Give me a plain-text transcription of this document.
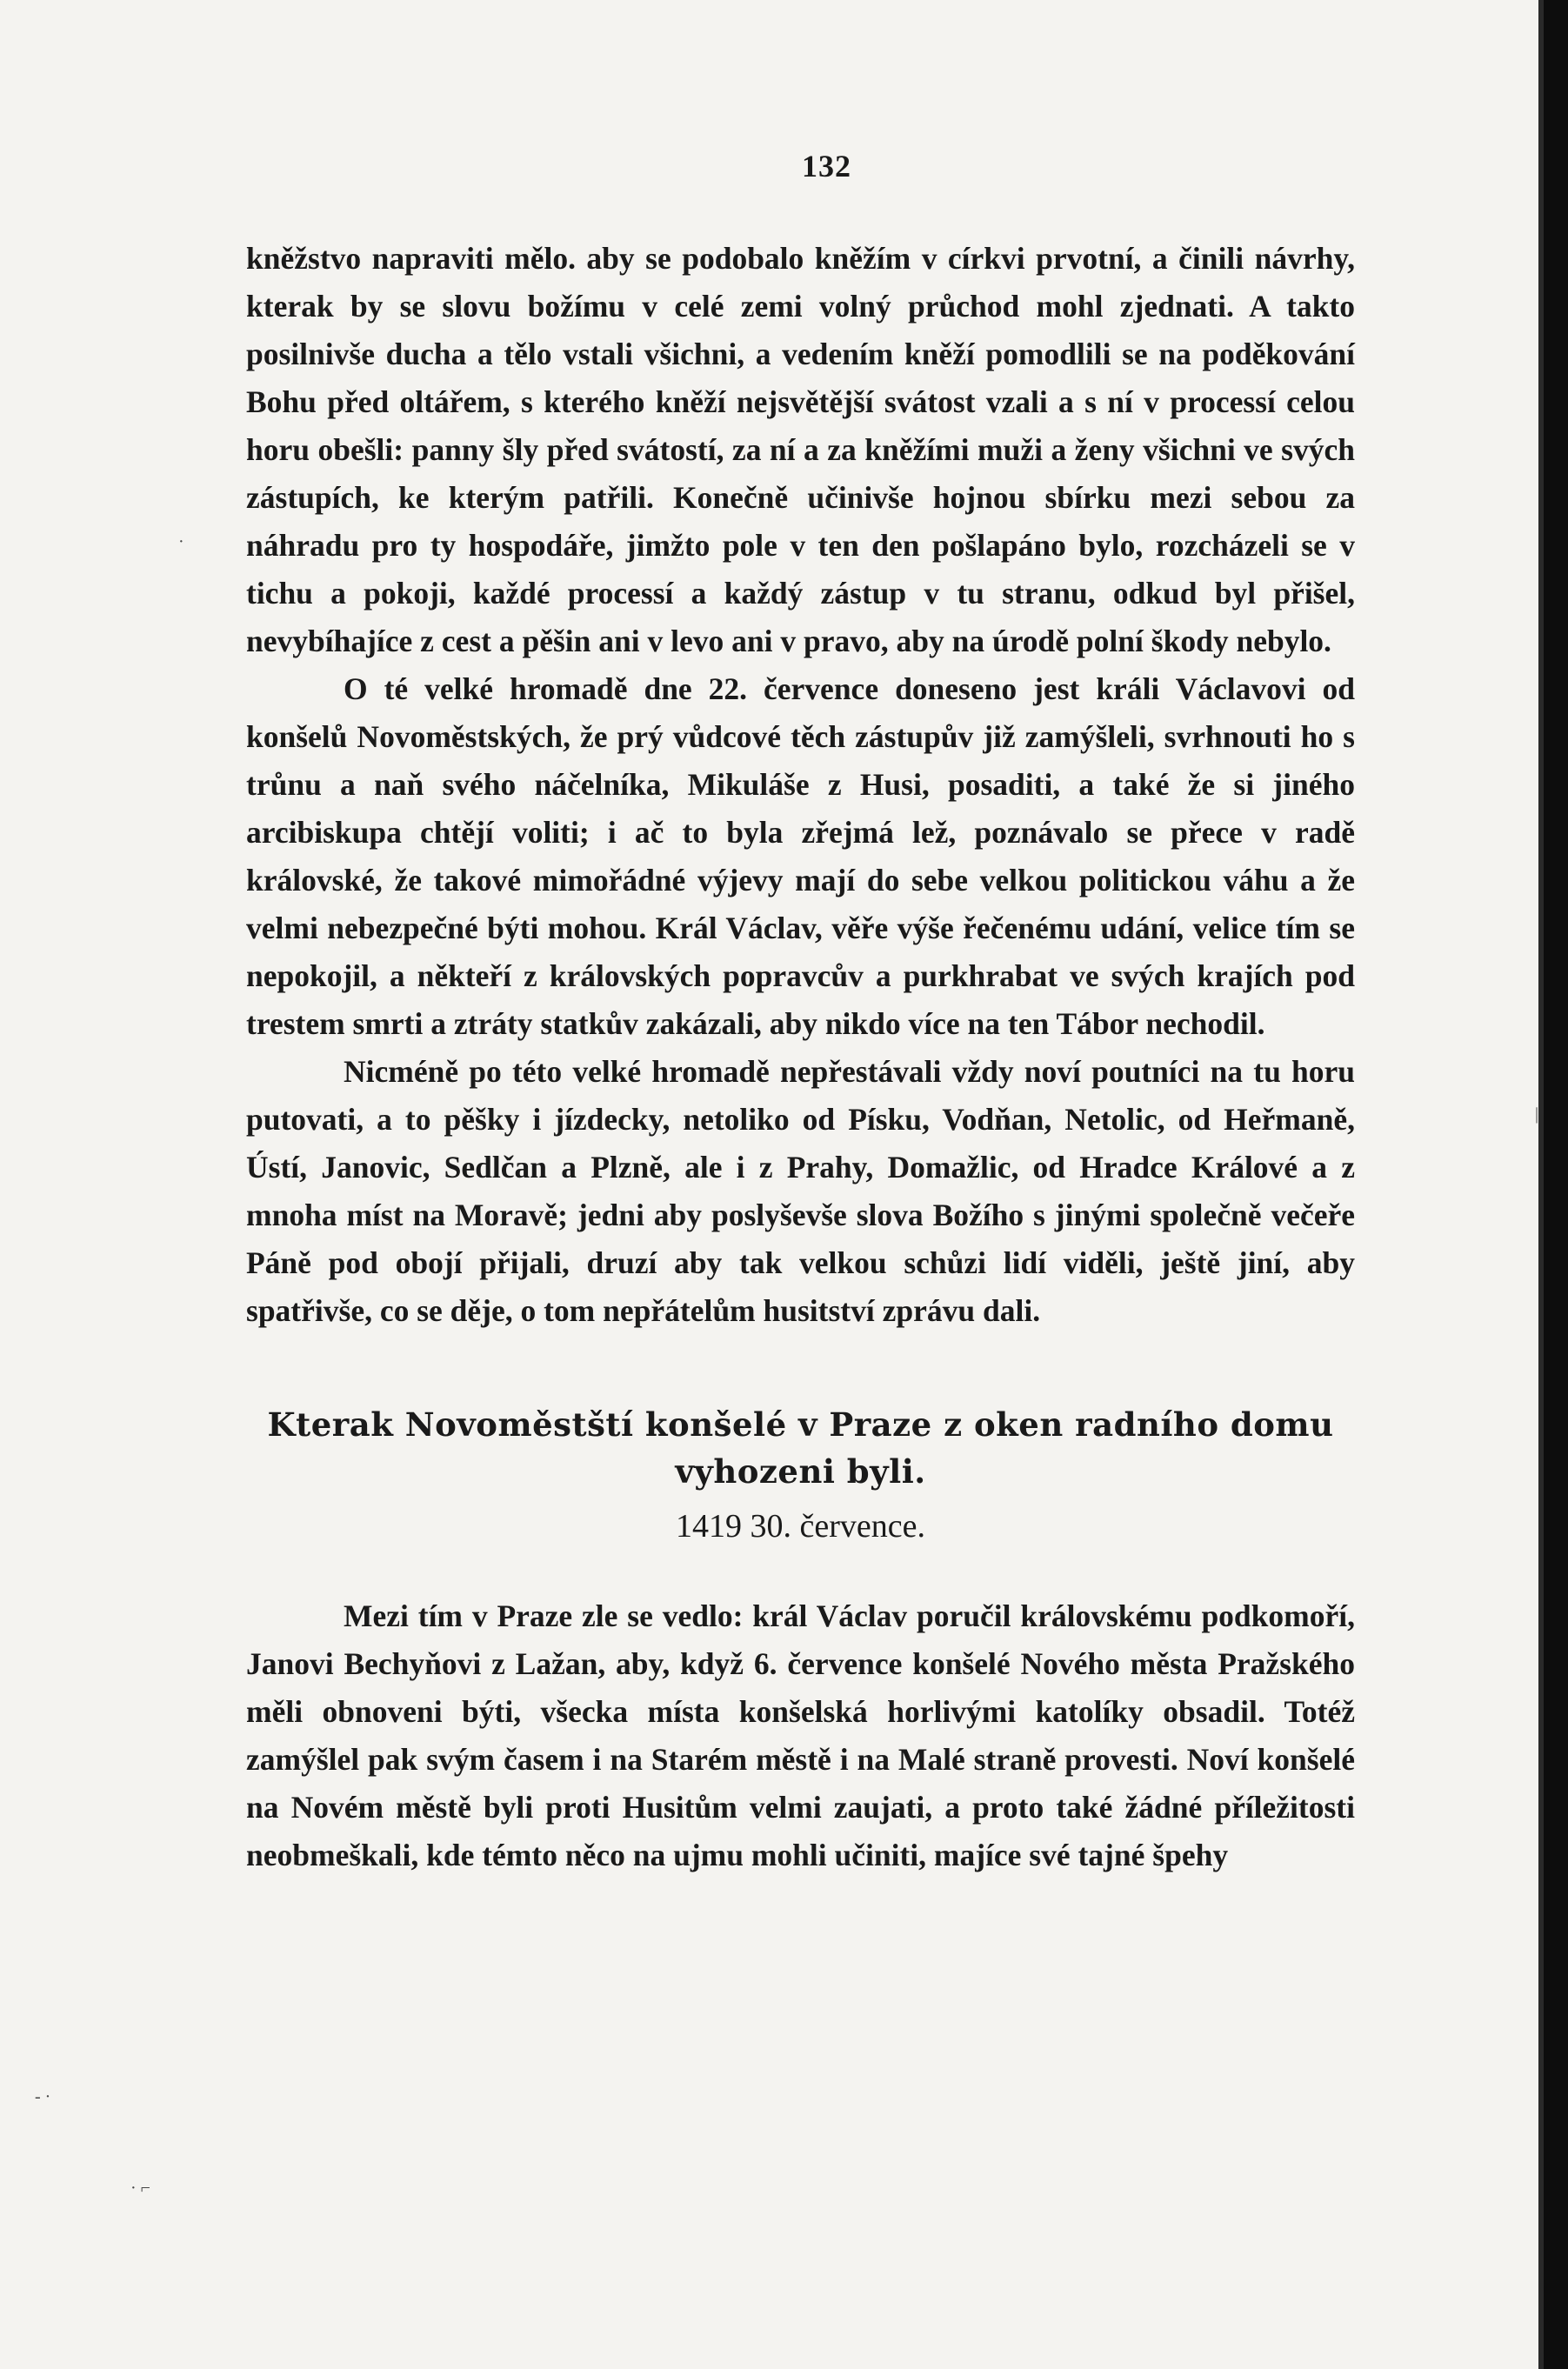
·
- ·
· ⌐
|
132

kněžstvo napraviti mělo. aby se podobalo kněžím v církvi prvotní, a činili návrhy, kterak by se slovu božímu v celé zemi volný průchod mohl zjednati. A takto posilnivše ducha a tělo vstali všichni, a vedením kněží pomodlili se na poděkování Bohu před oltářem, s kterého kněží nejsvětější svátost vzali a s ní v processí celou horu obešli: panny šly před svátostí, za ní a za kněžími muži a ženy všichni ve svých zástupích, ke kterým patřili. Konečně učinivše hojnou sbírku mezi sebou za náhradu pro ty hospodáře, jimžto pole v ten den pošlapáno bylo, rozcházeli se v tichu a pokoji, každé processí a každý zástup v tu stranu, odkud byl přišel, nevybíhajíce z cest a pěšin ani v levo ani v pravo, aby na úrodě polní škody nebylo.

O té velké hromadě dne 22. července doneseno jest králi Václavovi od konšelů Novoměstských, že prý vůdcové těch zástupův již zamýšleli, svrhnouti ho s trůnu a naň svého náčelníka, Mikuláše z Husi, posaditi, a také že si jiného arcibiskupa chtějí voliti; i ač to byla zřejmá lež, poznávalo se přece v radě královské, že takové mimořádné výjevy mají do sebe velkou politickou váhu a že velmi nebezpečné býti mohou. Král Václav, věře výše řečenému udání, velice tím se nepokojil, a někteří z královských popravcův a purkhrabat ve svých krajích pod trestem smrti a ztráty statkův zakázali, aby nikdo více na ten Tábor nechodil.

Nicméně po této velké hromadě nepřestávali vždy noví poutníci na tu horu putovati, a to pěšky i jízdecky, netoliko od Písku, Vodňan, Netolic, od Heřmaně, Ústí, Janovic, Sedlčan a Plzně, ale i z Prahy, Domažlic, od Hradce Králové a z mnoha míst na Moravě; jedni aby poslyševše slova Božího s jinými společně večeře Páně pod obojí přijali, druzí aby tak velkou schůzi lidí viděli, ještě jiní, aby spatřivše, co se děje, o tom nepřátelům husitství zprávu dali.

Kterak Novoměstští konšelé v Praze z oken radního domu vyhozeni byli.
1419 30. července.

Mezi tím v Praze zle se vedlo: král Václav poručil královskému podkomoří, Janovi Bechyňovi z Lažan, aby, když 6. července konšelé Nového města Pražského měli obnoveni býti, všecka místa konšelská horlivými katolíky obsadil. Totéž zamýšlel pak svým časem i na Starém městě i na Malé straně provesti. Noví konšelé na Novém městě byli proti Husitům velmi zaujati, a proto také žádné příležitosti neobmeškali, kde témto něco na ujmu mohli učiniti, majíce své tajné špehy
